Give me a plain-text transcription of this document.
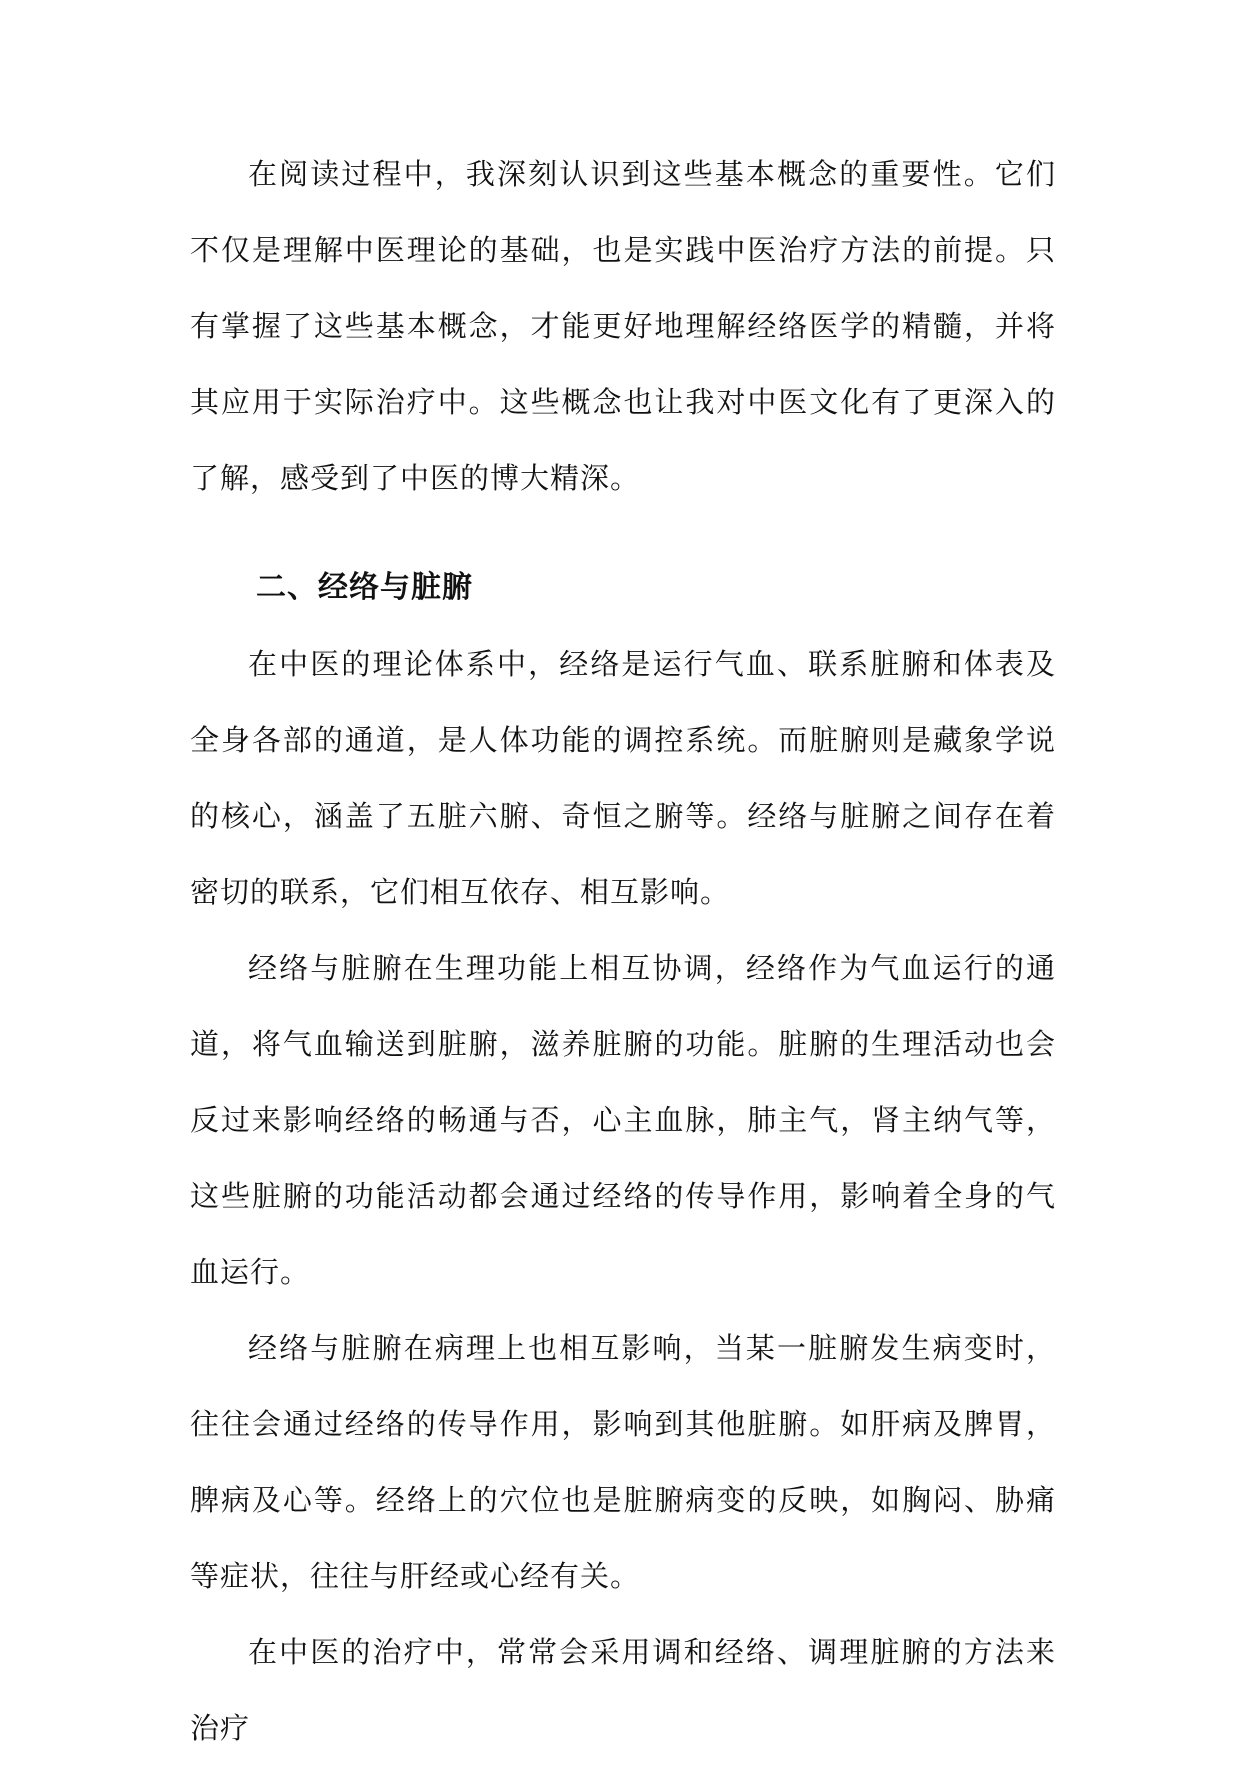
在阅读过程中，我深刻认识到这些基本概念的重要性。它们不仅是理解中医理论的基础，也是实践中医治疗方法的前提。只有掌握了这些基本概念，才能更好地理解经络医学的精髓，并将其应用于实际治疗中。这些概念也让我对中医文化有了更深入的了解，感受到了中医的博大精深。

二、经络与脏腑

在中医的理论体系中，经络是运行气血、联系脏腑和体表及全身各部的通道，是人体功能的调控系统。而脏腑则是藏象学说的核心，涵盖了五脏六腑、奇恒之腑等。经络与脏腑之间存在着密切的联系，它们相互依存、相互影响。

经络与脏腑在生理功能上相互协调，经络作为气血运行的通道，将气血输送到脏腑，滋养脏腑的功能。脏腑的生理活动也会反过来影响经络的畅通与否，心主血脉，肺主气，肾主纳气等，这些脏腑的功能活动都会通过经络的传导作用，影响着全身的气血运行。

经络与脏腑在病理上也相互影响，当某一脏腑发生病变时，往往会通过经络的传导作用，影响到其他脏腑。如肝病及脾胃，脾病及心等。经络上的穴位也是脏腑病变的反映，如胸闷、胁痛等症状，往往与肝经或心经有关。

在中医的治疗中，常常会采用调和经络、调理脏腑的方法来治疗
